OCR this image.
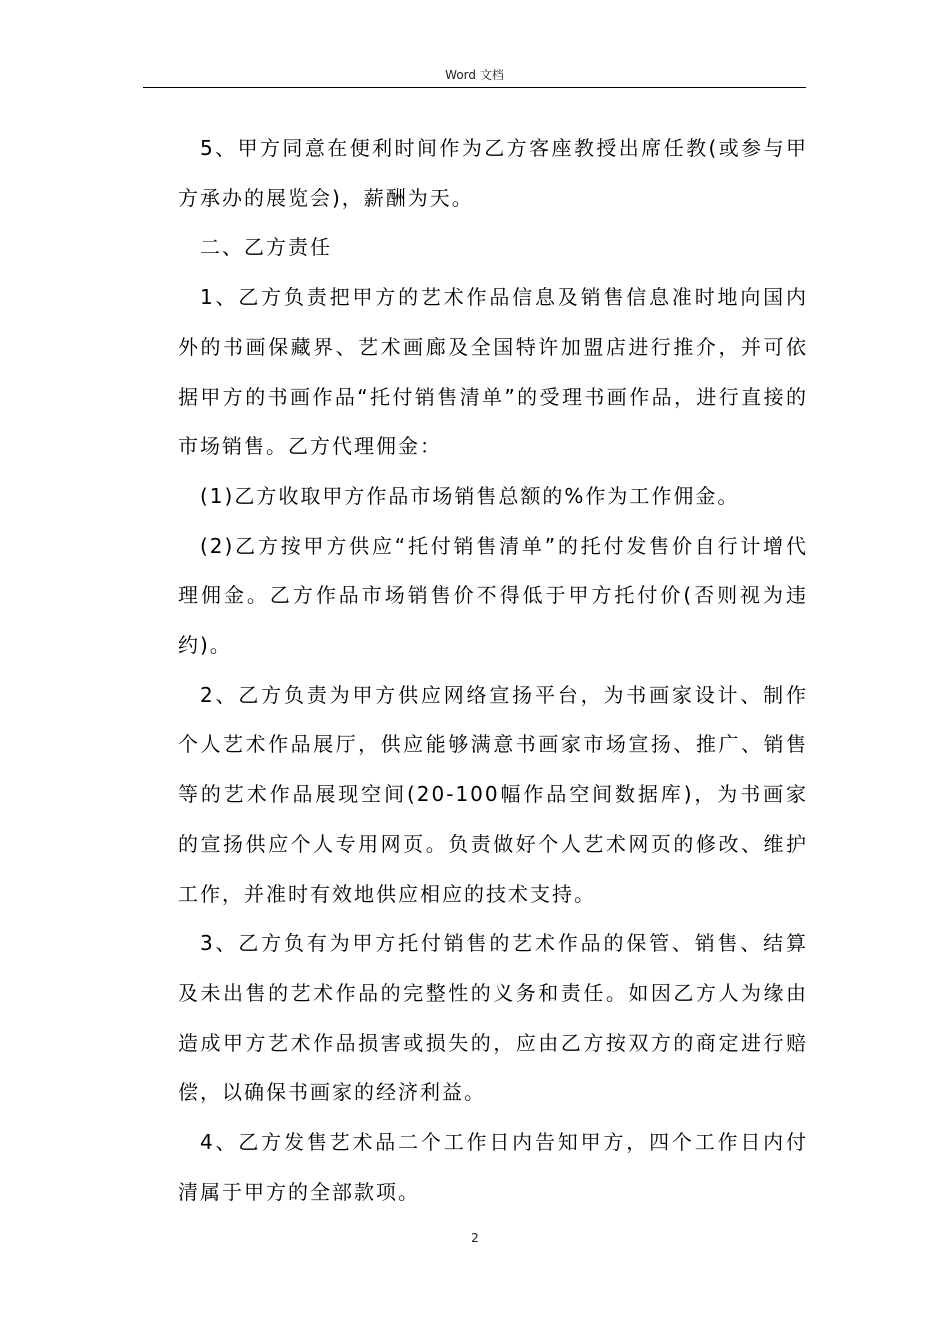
Word 文档

5、甲方同意在便利时间作为乙方客座教授出席任教(或参与甲方承办的展览会)，薪酬为天。

二、乙方责任

1、乙方负责把甲方的艺术作品信息及销售信息准时地向国内外的书画保藏界、艺术画廊及全国特许加盟店进行推介，并可依据甲方的书画作品“托付销售清单”的受理书画作品，进行直接的市场销售。乙方代理佣金：

(1)乙方收取甲方作品市场销售总额的%作为工作佣金。

(2)乙方按甲方供应“托付销售清单”的托付发售价自行计增代理佣金。乙方作品市场销售价不得低于甲方托付价(否则视为违约)。

2、乙方负责为甲方供应网络宣扬平台，为书画家设计、制作个人艺术作品展厅，供应能够满意书画家市场宣扬、推广、销售等的艺术作品展现空间(20-100幅作品空间数据库)，为书画家的宣扬供应个人专用网页。负责做好个人艺术网页的修改、维护工作，并准时有效地供应相应的技术支持。

3、乙方负有为甲方托付销售的艺术作品的保管、销售、结算及未出售的艺术作品的完整性的义务和责任。如因乙方人为缘由造成甲方艺术作品损害或损失的，应由乙方按双方的商定进行赔偿，以确保书画家的经济利益。

4、乙方发售艺术品二个工作日内告知甲方，四个工作日内付清属于甲方的全部款项。

2
